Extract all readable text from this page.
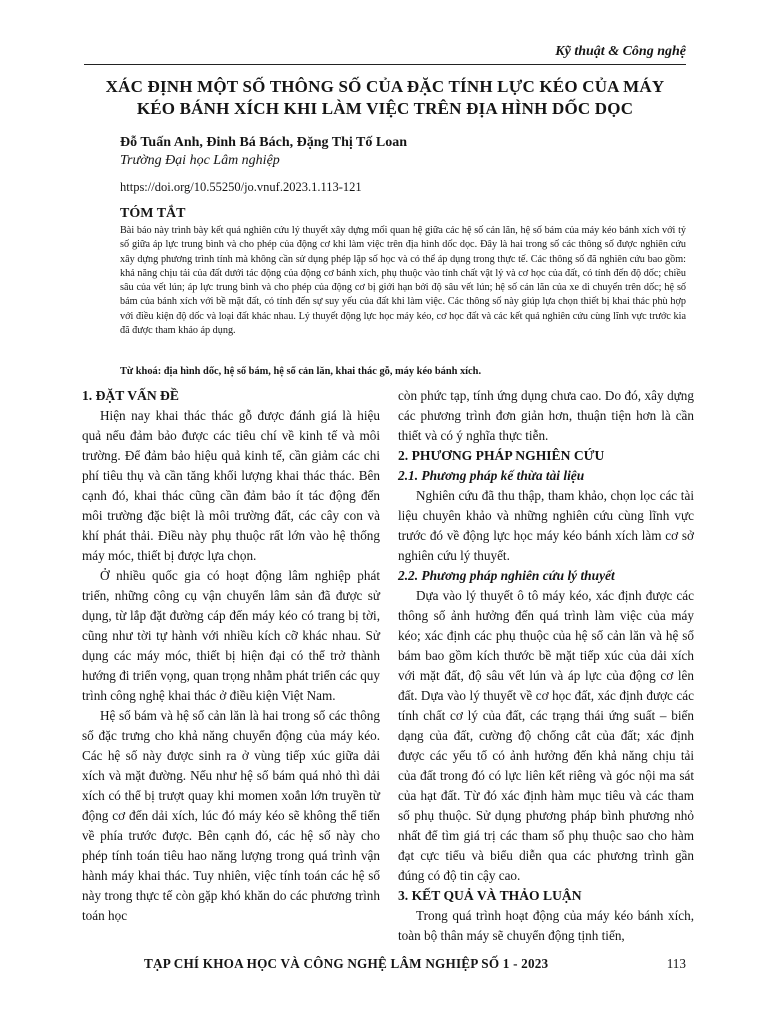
Kỹ thuật & Công nghệ
XÁC ĐỊNH MỘT SỐ THÔNG SỐ CỦA ĐẶC TÍNH LỰC KÉO CỦA MÁY
KÉO BÁNH XÍCH KHI LÀM VIỆC TRÊN ĐỊA HÌNH DỐC DỌC
Đỗ Tuấn Anh, Đinh Bá Bách, Đặng Thị Tố Loan
Trường Đại học Lâm nghiệp
https://doi.org/10.55250/jo.vnuf.2023.1.113-121
TÓM TẮT
Bài báo này trình bày kết quả nghiên cứu lý thuyết xây dựng mối quan hệ giữa các hệ số cản lăn, hệ số bám của máy kéo bánh xích với tỷ số giữa áp lực trung bình và cho phép của động cơ khi làm việc trên địa hình dốc dọc. Đây là hai trong số các thông số được nghiên cứu xây dựng phương trình tính mà không cần sử dụng phép lặp số học và có thể áp dụng trong thực tế. Các thông số đã nghiên cứu bao gồm: khả năng chịu tải của đất dưới tác động của động cơ bánh xích, phụ thuộc vào tính chất vật lý và cơ học của đất, có tính đến độ dốc; chiều sâu của vết lún; áp lực trung bình và cho phép của động cơ bị giới hạn bởi độ sâu vết lún; hệ số cản lăn của xe di chuyển trên dốc; hệ số bám của bánh xích với bề mặt đất, có tính đến sự suy yếu của đất khi làm việc. Các thông số này giúp lựa chọn thiết bị khai thác phù hợp với điều kiện độ dốc và loại đất khác nhau. Lý thuyết động lực học máy kéo, cơ học đất và các kết quả nghiên cứu cùng lĩnh vực trước kia đã được tham khảo áp dụng.
Từ khoá: địa hình dốc, hệ số bám, hệ số cản lăn, khai thác gỗ, máy kéo bánh xích.
1. ĐẶT VẤN ĐỀ

Hiện nay khai thác thác gỗ được đánh giá là hiệu quả nếu đảm bảo được các tiêu chí về kinh tế và môi trường. Để đảm bảo hiệu quả kinh tế, cần giảm các chi phí tiêu thụ và cần tăng khối lượng khai thác thác. Bên cạnh đó, khai thác cũng cần đảm bảo ít tác động đến môi trường đặc biệt là môi trường đất, các cây con và khí phát thải. Điều này phụ thuộc rất lớn vào hệ thống máy móc, thiết bị được lựa chọn.

Ở nhiều quốc gia có hoạt động lâm nghiệp phát triển, những công cụ vận chuyển lâm sản đã được sử dụng, từ lắp đặt đường cáp đến máy kéo có trang bị tời, cũng như tời tự hành với nhiều kích cỡ khác nhau. Sử dụng các máy móc, thiết bị hiện đại có thể trở thành hướng đi triển vọng, quan trọng nhằm phát triển các quy trình công nghệ khai thác ở điều kiện Việt Nam.

Hệ số bám và hệ số cản lăn là hai trong số các thông số đặc trưng cho khả năng chuyển động của máy kéo. Các hệ số này được sinh ra ở vùng tiếp xúc giữa dải xích và mặt đường. Nếu như hệ số bám quá nhỏ thì dải xích có thể bị trượt quay khi momen xoắn lớn truyền từ động cơ đến dải xích, lúc đó máy kéo sẽ không thể tiến về phía trước được. Bên cạnh đó, các hệ số này cho phép tính toán tiêu hao năng lượng trong quá trình vận hành máy khai thác. Tuy nhiên, việc tính toán các hệ số này trong thực tế còn gặp khó khăn do các phương trình toán học

còn phức tạp, tính ứng dụng chưa cao. Do đó, xây dựng các phương trình đơn giản hơn, thuận tiện hơn là cần thiết và có ý nghĩa thực tiễn.

2. PHƯƠNG PHÁP NGHIÊN CỨU
2.1. Phương pháp kế thừa tài liệu

Nghiên cứu đã thu thập, tham khảo, chọn lọc các tài liệu chuyên khảo và những nghiên cứu cùng lĩnh vực trước đó về động lực học máy kéo bánh xích làm cơ sở nghiên cứu lý thuyết.

2.2. Phương pháp nghiên cứu lý thuyết

Dựa vào lý thuyết ô tô máy kéo, xác định được các thông số ảnh hưởng đến quá trình làm việc của máy kéo; xác định các phụ thuộc của hệ số cản lăn và hệ số bám bao gồm kích thước bề mặt tiếp xúc của dải xích với mặt đất, độ sâu vết lún và áp lực của động cơ lên đất. Dựa vào lý thuyết về cơ học đất, xác định được các tính chất cơ lý của đất, các trạng thái ứng suất – biến dạng của đất, cường độ chống cắt của đất; xác định được các yếu tố có ảnh hưởng đến khả năng chịu tải của đất trong đó có lực liên kết riêng và góc nội ma sát của hạt đất. Từ đó xác định hàm mục tiêu và các tham số phụ thuộc. Sử dụng phương pháp bình phương nhỏ nhất để tìm giá trị các tham số phụ thuộc sao cho hàm đạt cực tiểu và biểu diễn qua các phương trình gần đúng có độ tin cậy cao.

3. KẾT QUẢ VÀ THẢO LUẬN

Trong quá trình hoạt động của máy kéo bánh xích, toàn bộ thân máy sẽ chuyển động tịnh tiến,

TẠP CHÍ KHOA HỌC VÀ CÔNG NGHỆ LÂM NGHIỆP SỐ 1 - 2023	113
